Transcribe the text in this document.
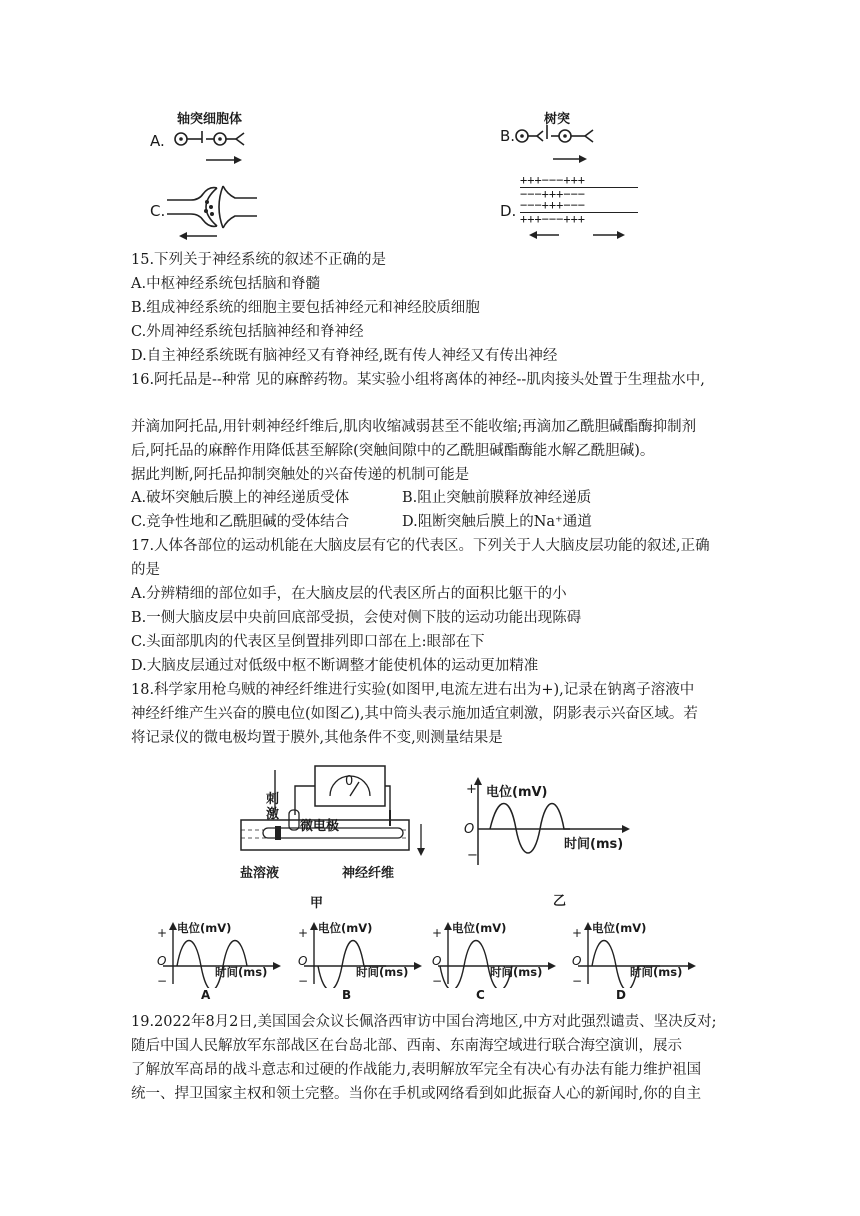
轴突细胞体
A.
树突
B.
C.	D.
+++−−−+++
−−−+++−−−
−−−+++−−−
+++−−−+++
15.下列关于神经系统的叙述不正确的是
A.中枢神经系统包括脑和脊髓
B.组成神经系统的细胞主要包括神经元和神经胶质细胞
C.外周神经系统包括脑神经和脊神经
D.自主神经系统既有脑神经又有脊神经,既有传人神经又有传出神经
16.阿托品是--种常 见的麻醉药物。某实验小组将离体的神经--肌肉接头处置于生理盐水中,
并滴加阿托品,用针刺神经纤维后,肌肉收缩减弱甚至不能收缩;再滴加乙酰胆碱酯酶抑制剂
后,阿托品的麻醉作用降低甚至解除(突触间隙中的乙酰胆碱酯酶能水解乙酰胆碱)。
据此判断,阿托品抑制突触处的兴奋传递的机制可能是
A.破坏突触后膜上的神经递质受体	B.阻止突触前膜释放神经递质
C.竞争性地和乙酰胆碱的受体结合	D.阻断突触后膜上的Na⁺通道
17.人体各部位的运动机能在大脑皮层有它的代表区。下列关于人大脑皮层功能的叙述,正确
的是
A.分辨精细的部位如手，在大脑皮层的代表区所占的面积比躯干的小
B.一侧大脑皮层中央前回底部受损，会使对侧下肢的运动功能出现陈碍
C.头面部肌肉的代表区呈倒置排列即口部在上:眼部在下
D.大脑皮层通过对低级中枢不断调整才能使机体的运动更加精准
18.科学家用枪乌贼的神经纤维进行实验(如图甲,电流左进右出为+),记录在钠离子溶液中
神经纤维产生兴奋的膜电位(如图乙),其中筒头表示施加适宜刺激，阴影表示兴奋区域。若
将记录仪的微电极均置于膜外,其他条件不变,则测量结果是
刺激
0
微电极
盐溶液	神经纤维
甲
+
−
O
电位(mV)
时间(ms)
乙
+
−
O
电位(mV)
时间(ms)
A
+
−
O
电位(mV)
时间(ms)
B
+
−
O
电位(mV)
时间(ms)
C
+
−
O
电位(mV)
时间(ms)
D
19.2022年8月2日,美国国会众议长佩洛西审访中国台湾地区,中方对此强烈谴责、坚决反对;
随后中国人民解放军东部战区在台岛北部、西南、东南海空域进行联合海空演训，展示
了解放军高昂的战斗意志和过硬的作战能力,表明解放军完全有决心有办法有能力维护祖国
统一、捍卫国家主权和领土完整。当你在手机或网络看到如此振奋人心的新闻时,你的自主
